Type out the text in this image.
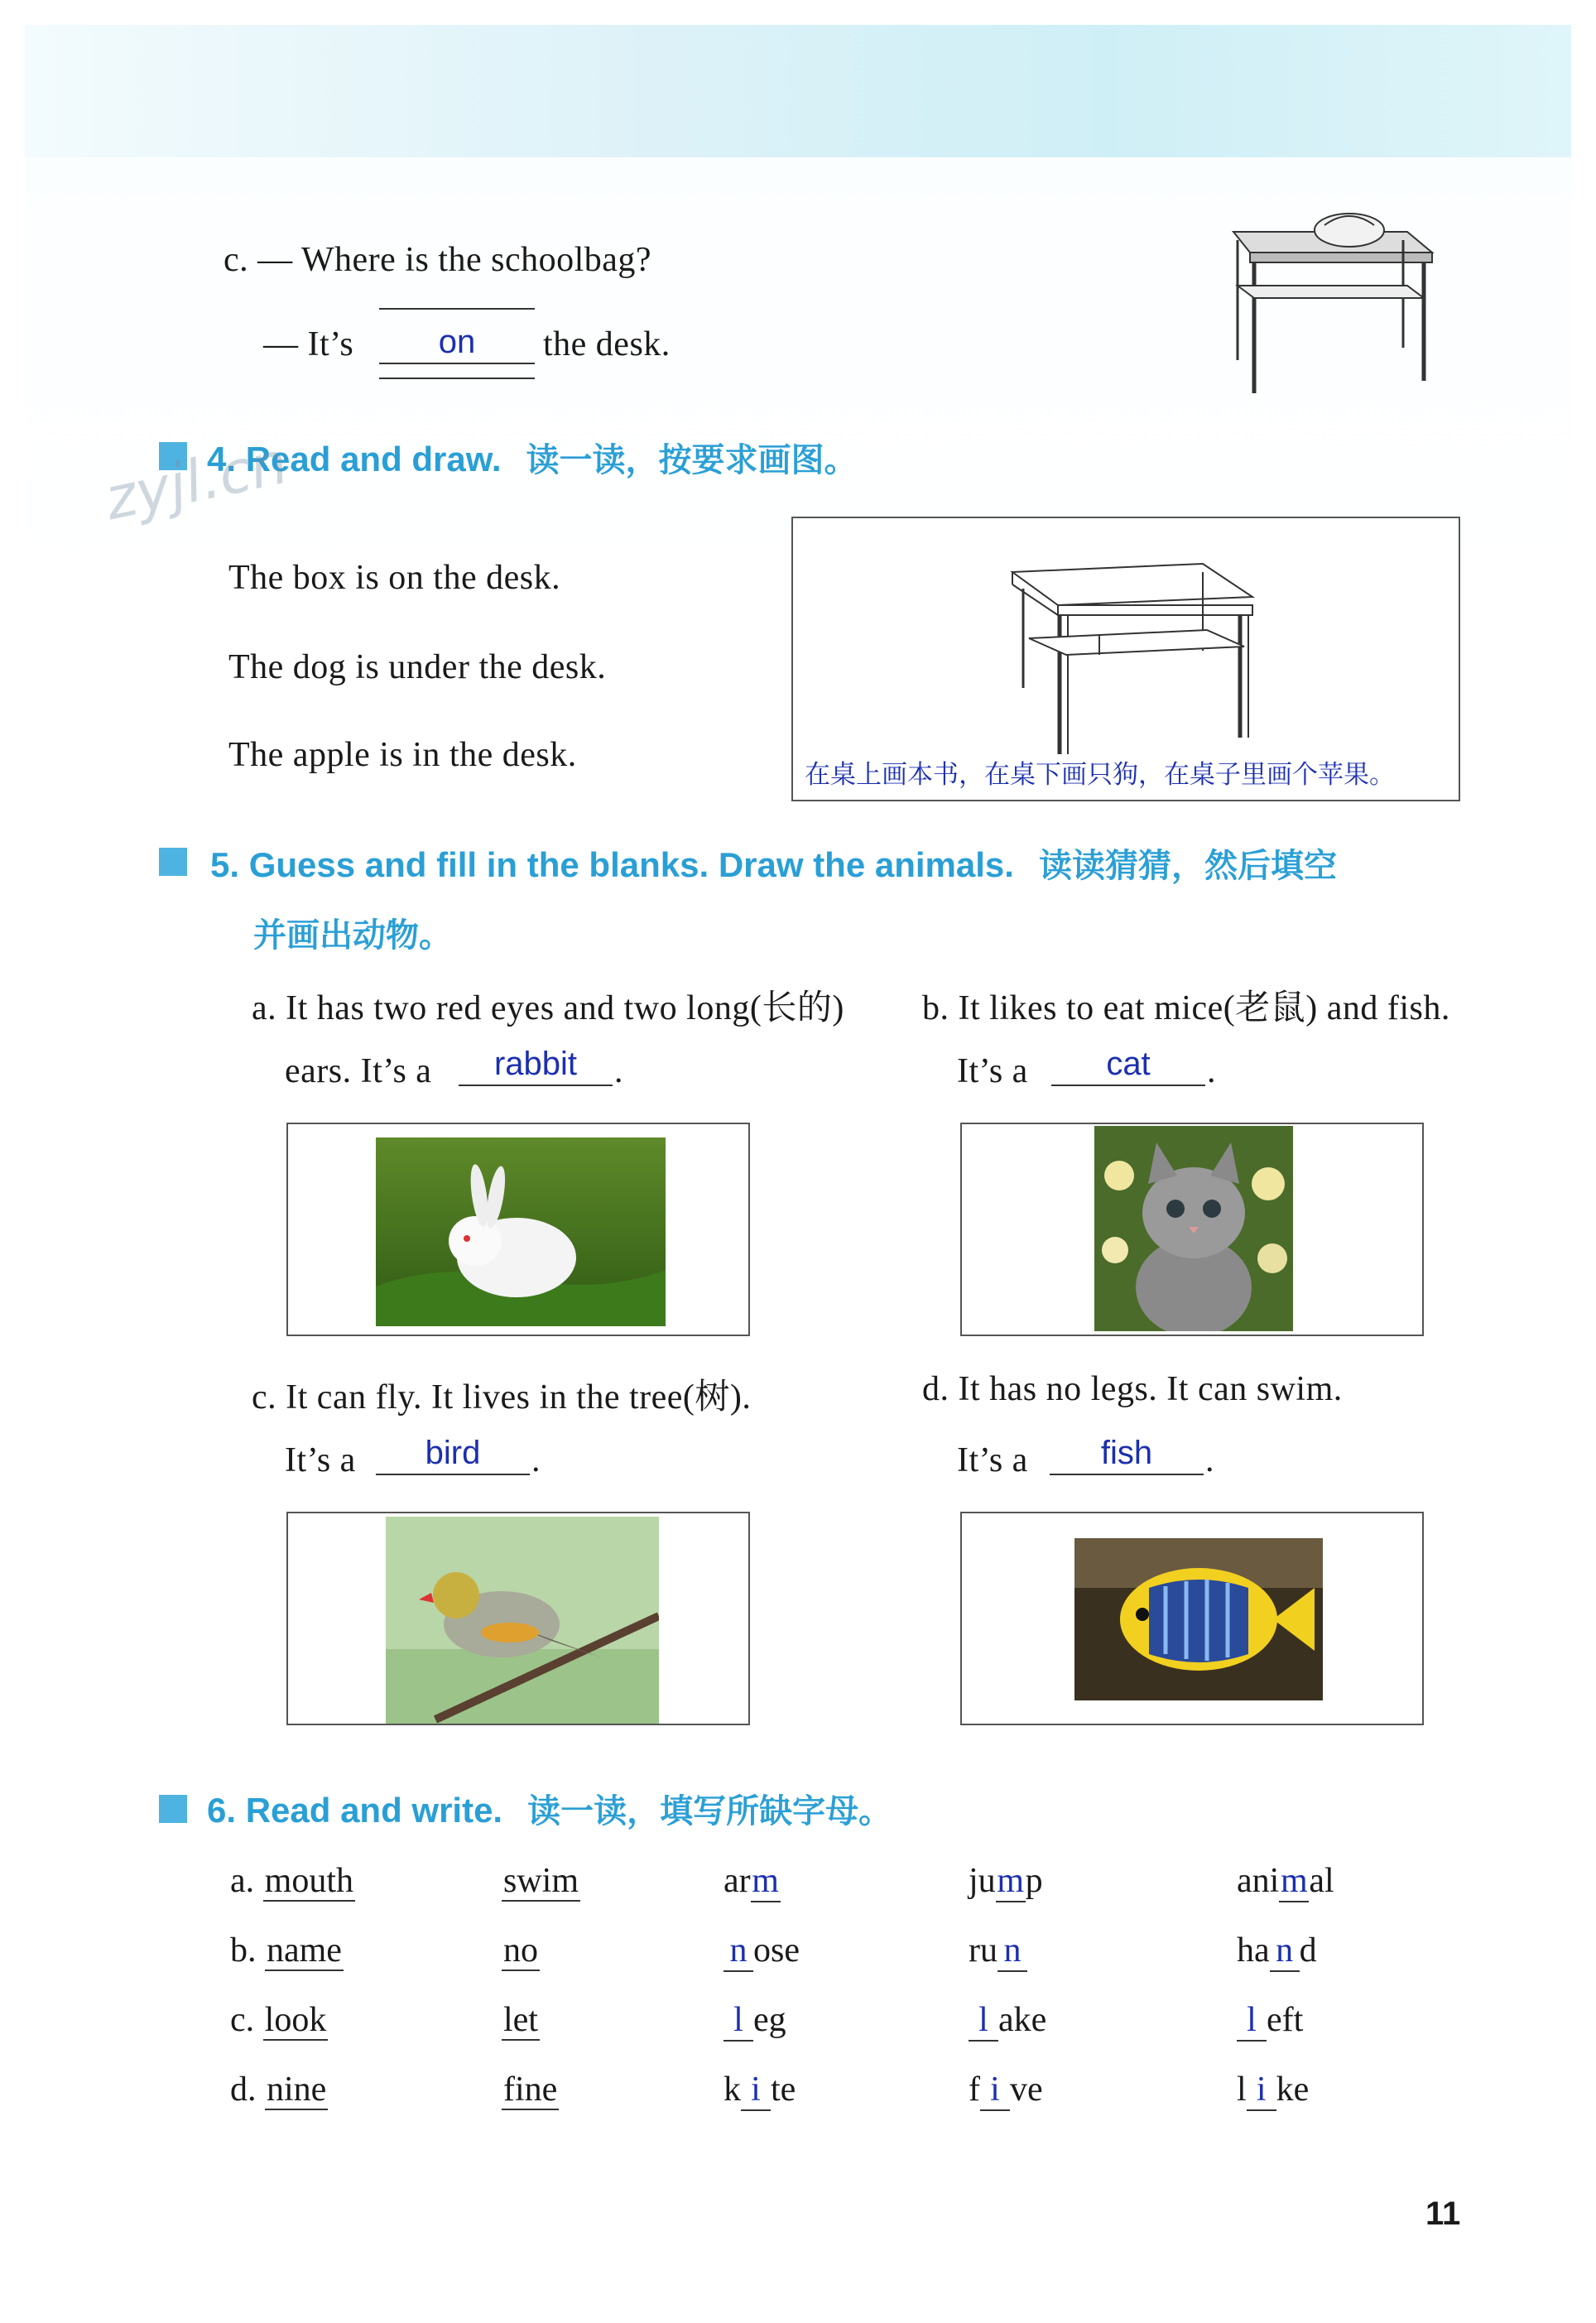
c. — Where is the schoolbag?
— It’s	on	the desk.
4. Read and draw. 读一读，按要求画图。
zyjl.cn
The box is on the desk.
The dog is under the desk.
The apple is in the desk.
在桌上画本书，在桌下画只狗，在桌子里画个苹果。
5. Guess and fill in the blanks. Draw the animals. 读读猜猜，然后填空
并画出动物。
a. It has two red eyes and two long(长的)
ears. It’s a	rabbit	.
b. It likes to eat mice(老鼠) and fish.
It’s a	cat	.
c. It can fly. It lives in the tree(树).
It’s a	bird	.
d. It has no legs. It can swim.
It’s a	fish	.
6. Read and write. 读一读，填写所缺字母。
a. mouth	swim	arm	jump	animal
b. name	no	n ose	ru n	ha n d
c. look	let	l eg	l ake	l eft
d. nine	fine	k i te	f i ve	l i ke
11
